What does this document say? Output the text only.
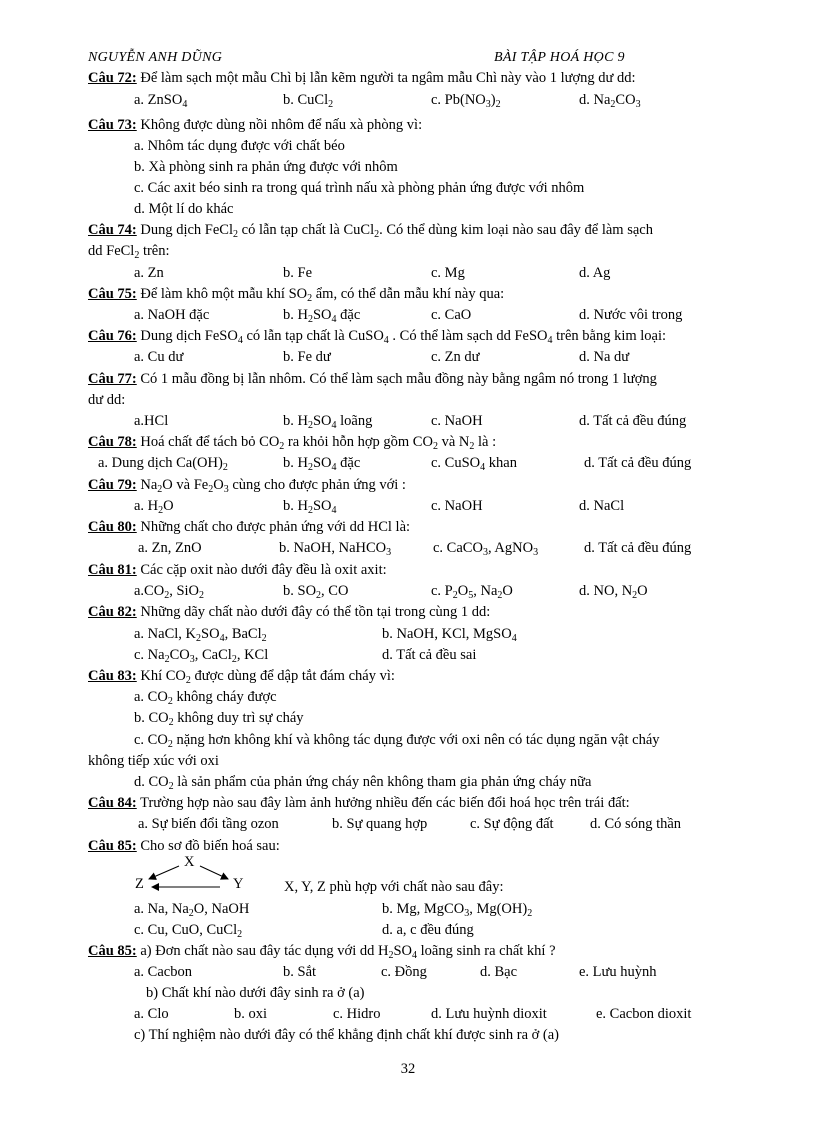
NGUYỄN ANH DŨNG	BÀI TẬP HOÁ HỌC 9
Câu 72: Để làm sạch một mẫu Chì bị lẫn kẽm người ta ngâm mẫu Chì này vào 1 lượng dư dd:
a. ZnSO$_4$	b. CuCl$_2$	c. $Pb(NO_3)_2$	d. $Na_2CO_3$
Câu 73: Không được dùng nồi nhôm để nấu xà phòng vì:
a. Nhôm tác dụng được với chất béo
b. Xà phòng sinh ra phản ứng được với nhôm
c. Các axit béo sinh ra trong quá trình nấu xà phòng phản ứng được với nhôm
d. Một lí do khác
Câu 74: Dung dịch FeCl$_2$ có lẫn tạp chất là CuCl$_2$. Có thể dùng kim loại nào sau đây để làm sạch
dd FeCl$_2$ trên:
a. Zn	b. Fe	c. Mg	d. Ag
Câu 75: Để làm khô một mẫu khí $SO_2$ ẩm, có thể dẫn mẫu khí này qua:
a. NaOH đặc	b. $H_2SO_4$ đặc	c. CaO	d. Nước vôi trong
Câu 76: Dung dịch FeSO$_4$ có lẫn tạp chất là CuSO$_4$ . Có thể làm sạch dd FeSO$_4$ trên bằng kim loại:
a. Cu dư	b. Fe dư	c. Zn dư	d. Na dư
Câu 77: Có 1 mẫu đồng bị lẫn nhôm. Có thể làm sạch mẫu đồng này bằng ngâm nó trong 1 lượng
dư dd:
a.HCl	b. $H_2SO_4$ loãng	c. NaOH	d. Tất cả đều đúng
Câu 78: Hoá chất để tách bỏ $CO_2$ ra khỏi hỗn hợp gồm $CO_2$ và $N_2$ là :
a. Dung dịch $Ca(OH)_2$	b. $H_2SO_4$ đặc	c. CuSO$_4$ khan	d. Tất cả đều đúng
Câu 79: $Na_2O$ và $Fe_2O_3$ cùng cho được phản ứng với :
a. $H_2O$	b. $H_2SO_4$	c. NaOH	d. NaCl
Câu 80: Những chất cho được phản ứng với dd HCl là:
a. Zn, ZnO	b. NaOH, NaHCO$_3$	c. CaCO$_3$, AgNO$_3$	d. Tất cả đều đúng
Câu 81: Các cặp oxit nào dưới đây đều là oxit axit:
$a.CO_2$, SiO$_2$	b. $SO_2$, CO	c. $P_2O_5$, $Na_2O$	d. NO, $N_2O$
Câu 82: Những dãy chất nào dưới đây có thể tồn tại trong cùng 1 dd:
a. NaCl, $K_2SO_4$, BaCl$_2$	b. NaOH, KCl, MgSO$_4$
c. $Na_2CO_3$, CaCl$_2$, KCl	d. Tất cả đều sai
Câu 83: Khí $CO_2$ được dùng để dập tắt đám cháy vì:
a. $CO_2$ không cháy được
b. $CO_2$ không duy trì sự cháy
c. $CO_2$ nặng hơn không khí và không tác dụng được với oxi nên có tác dụng ngăn vật cháy
không tiếp xúc với oxi
d. $CO_2$ là sản phẩm của phản ứng cháy nên không tham gia phản ứng cháy nữa
Câu 84: Trường hợp nào sau đây làm ảnh hưởng nhiều đến các biến đổi hoá học trên trái đất:
a. Sự biến đổi tầng ozon	b. Sự quang hợp	c. Sự động đất	d. Có sóng thần
Câu 85: Cho sơ đồ biến hoá sau:
X
Y
Z	X, Y, Z phù hợp với chất nào sau đây:
a. Na, $Na_2O$, NaOH	b. Mg, MgCO$_3$, $Mg(OH)_2$
c. Cu, CuO, CuCl$_2$	d. a, c đều đúng
Câu 85: a) Đơn chất nào sau đây tác dụng với dd $H_2SO_4$ loãng sinh ra chất khí ?
a. Cacbon	b. Sắt	c. Đồng	d. Bạc	e. Lưu huỳnh
b) Chất khí nào dưới đây sinh ra ở (a)
a. Clo	b. oxi	c. Hidro	d. Lưu huỳnh dioxit	e. Cacbon dioxit
c) Thí nghiệm nào dưới đây có thể khẳng định chất khí được sinh ra ở (a)
32
